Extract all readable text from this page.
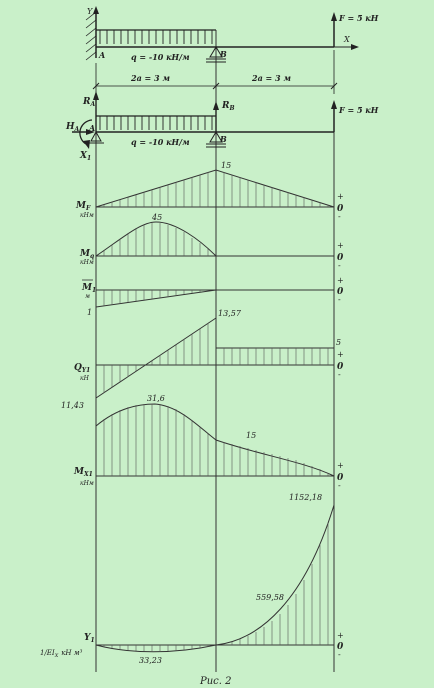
Y
X
A	q = -10 кН/м	B
F = 5 кН
2a = 3 м	2a = 3 м
$R_A$
$H_A$
$X_1$
A
q = -10 кН/м
$R_B$
B
F = 5 кН
$M_F$
кНм
15
+
0
-
$M_q$
кНм
45
+
0
-
$M_1$
м
1
+
0
-
$Q_{Y1}$
кН
11,43
13,57
5
+
0
-
$M_{X1}$
кНм
31,6
15
+
0
-
$Y_1$
$1/EI_X$ кН м³
33,23
559,58
1152,18
+
0
-
Рис. 2
